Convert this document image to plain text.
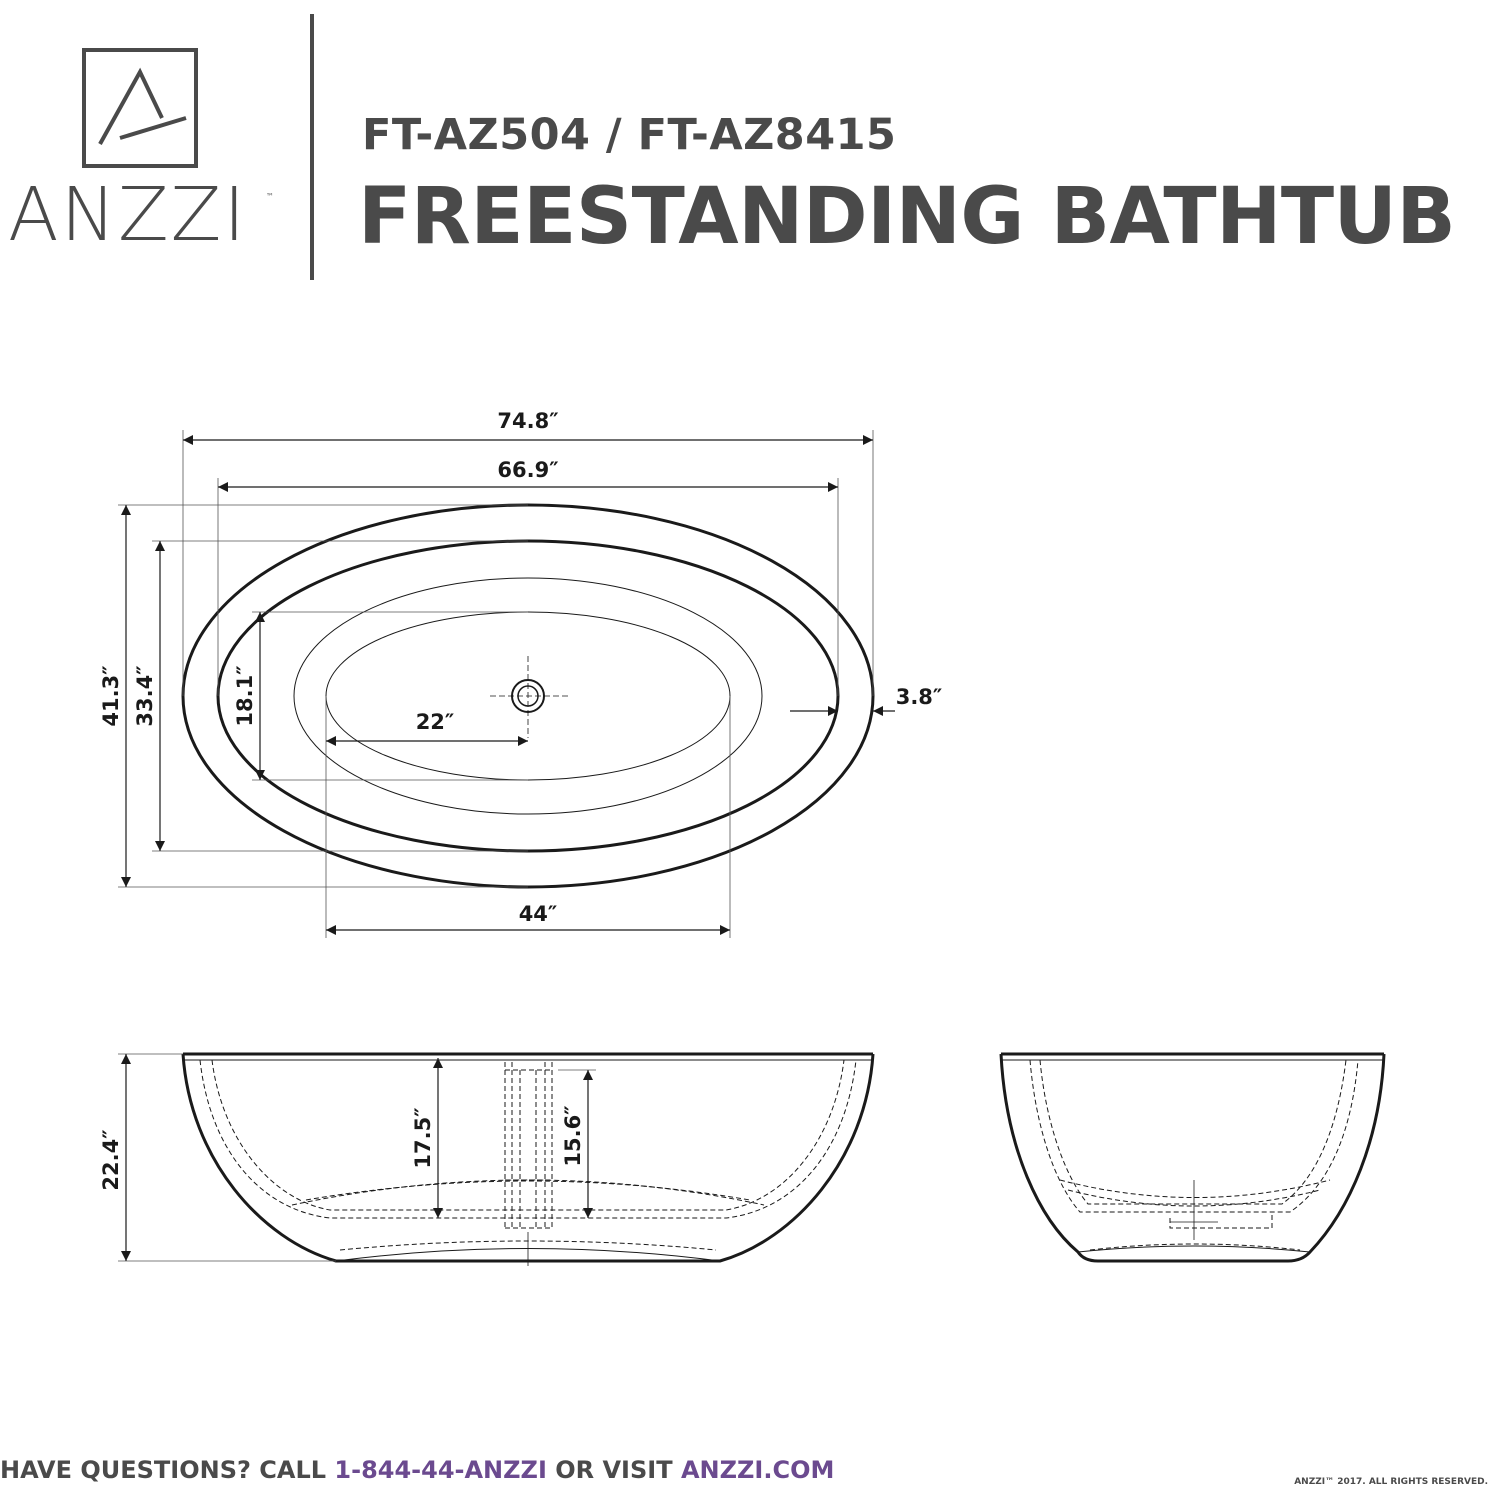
ANZZI ™
FT-AZ504 / FT-AZ8415
FREESTANDING BATHTUB
74.8″
66.9″
41.3″ 33.4″	18.1″	22″
44″
3.8″
22.4″	17.5″	15.6″
HAVE QUESTIONS? CALL 1-844-44-ANZZI OR VISIT ANZZI.COM	ANZZI™ 2017. ALL RIGHTS RESERVED.
